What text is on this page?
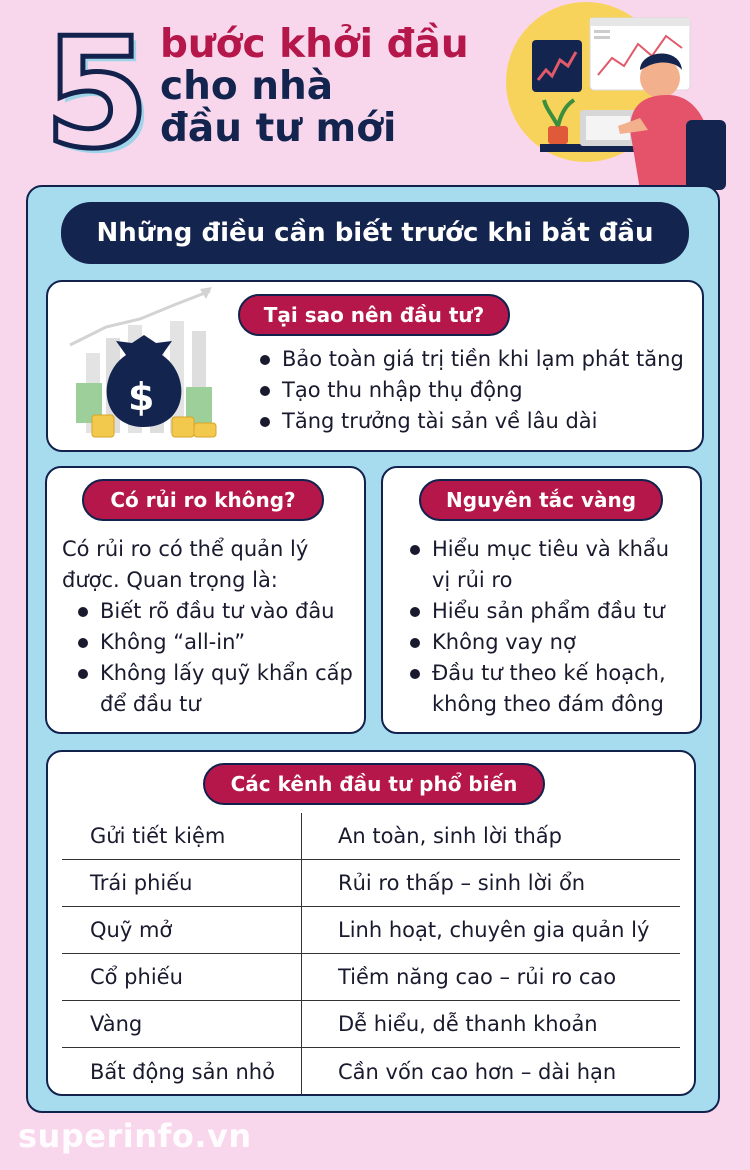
5 bước khởi đầu
cho nhà
đầu tư mới
Những điều cần biết trước khi bắt đầu
$
Tại sao nên đầu tư?
Bảo toàn giá trị tiền khi lạm phát tăng
Tạo thu nhập thụ động
Tăng trưởng tài sản về lâu dài
Có rủi ro không?
Có rủi ro có thể quản lý được. Quan trọng là:
Biết rõ đầu tư vào đâu
Không “all-in”
Không lấy quỹ khẩn cấp để đầu tư
Nguyên tắc vàng
Hiểu mục tiêu và khẩu vị rủi ro
Hiểu sản phẩm đầu tư
Không vay nợ
Đầu tư theo kế hoạch, không theo đám đông
Các kênh đầu tư phổ biến
Gửi tiết kiệm	An toàn, sinh lời thấp
Trái phiếu	Rủi ro thấp – sinh lời ổn
Quỹ mở	Linh hoạt, chuyên gia quản lý
Cổ phiếu	Tiềm năng cao – rủi ro cao
Vàng	Dễ hiểu, dễ thanh khoản
Bất động sản nhỏ	Cần vốn cao hơn – dài hạn
superinfo.vn
